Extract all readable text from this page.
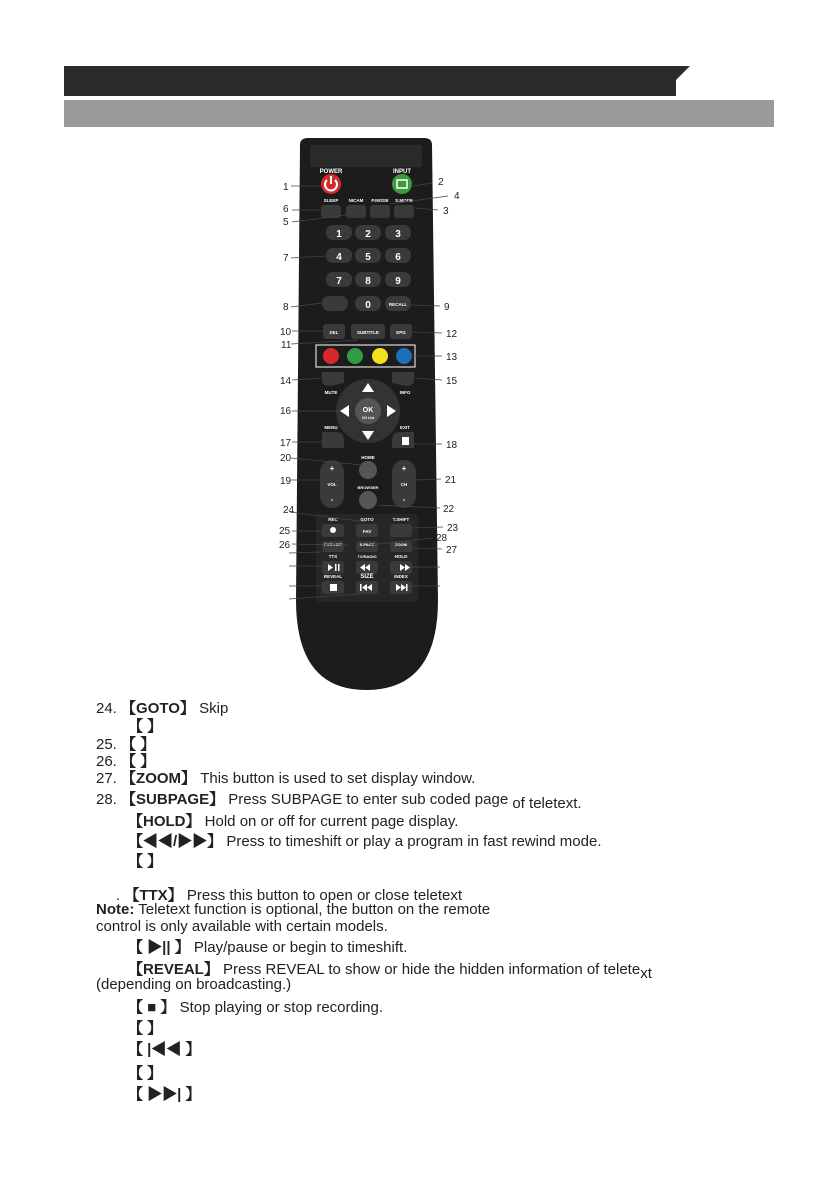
POWER	INPUT
SLEEP NICAM P.MODE S.MODE
1 2 3
4 5 6
7 8 9
0	RECALL
DEL	SUBTITLE	EPG
MUTE	INFO
OK
CH List
MENU	EXIT
HOME
+
VOL
-
+
CH
-
BROWSER
REC	GOTO	T.SHIFT
FAV
PVR LIST	S.PAGE	ZOOM
TTX	TV/RADIO	HOLD
REVEAL	SIZE	INDEX
1	2
3
4
5
6
7
8	9
10
11
12
13
14	15
16
17	18
19
20
21
22
23
24
25
26	27
28
24. 【GOTO】 Skip
【 】
25. 【 】
26. 【 】
27. 【ZOOM】 This button is used to set display window.
28. 【SUBPAGE】 Press SUBPAGE to enter sub coded page of teletext.
【HOLD】 Hold on or off for current page display.
【◀◀/▶▶】 Press to timeshift or play a program in fast rewind mode.
【 】
. 【TTX】 Press this button to open or close teletext
Note: Teletext function is optional, the button on the remote
control is only available with certain models.
【 ▶|| 】 Play/pause or begin to timeshift.
【REVEAL】 Press REVEAL to show or hide the hidden information of teletext
(depending on broadcasting.)
【 ■ 】 Stop playing or stop recording.
【 】
【 |◀◀ 】
【 】
【 ▶▶| 】
